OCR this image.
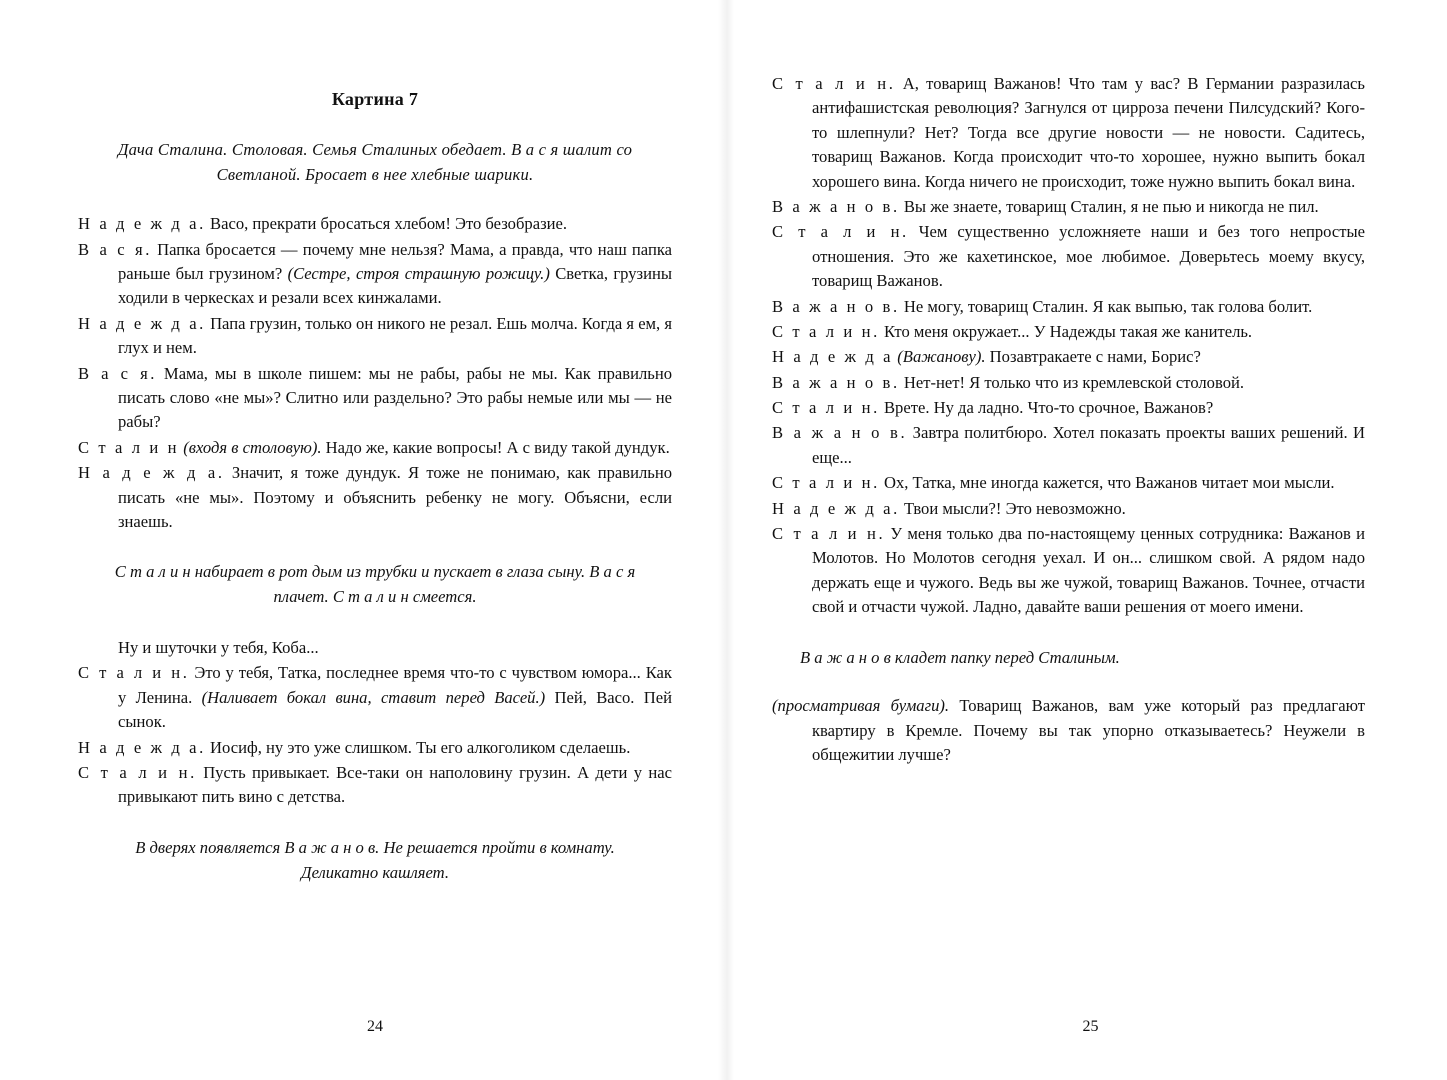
Картина 7
Дача Сталина. Столовая. Семья Сталиных обедает. В а с я шалит со Светланой. Бросает в нее хлебные шарики.

Н а д е ж д а. Васо, прекрати бросаться хлебом! Это безобразие.

В а с я. Папка бросается — почему мне нельзя? Мама, а правда, что наш папка раньше был грузином? (Сестре, строя страшную рожицу.) Светка, грузины ходили в черкесках и резали всех кинжалами.

Н а д е ж д а. Папа грузин, только он никого не резал. Ешь молча. Когда я ем, я глух и нем.

В а с я. Мама, мы в школе пишем: мы не рабы, рабы не мы. Как правильно писать слово «не мы»? Слитно или раздельно? Это рабы немые или мы — не рабы?

С т а л и н (входя в столовую). Надо же, какие вопросы! А с виду такой дундук.

Н а д е ж д а. Значит, я тоже дундук. Я тоже не понимаю, как правильно писать «не мы». Поэтому и объяснить ребенку не могу. Объясни, если знаешь.

С т а л и н набирает в рот дым из трубки и пускает в глаза сыну. В а с я плачет. С т а л и н смеется.

Ну и шуточки у тебя, Коба...

С т а л и н. Это у тебя, Татка, последнее время что-то с чувством юмора... Как у Ленина. (Наливает бокал вина, ставит перед Васей.) Пей, Васо. Пей сынок.

Н а д е ж д а. Иосиф, ну это уже слишком. Ты его алкоголиком сделаешь.

С т а л и н. Пусть привыкает. Все-таки он наполовину грузин. А дети у нас привыкают пить вино с детства.

В дверях появляется В а ж а н о в. Не решается пройти в комнату. Деликатно кашляет.

С т а л и н. А, товарищ Важанов! Что там у вас? В Германии разразилась антифашистская революция? Загнулся от цирроза печени Пилсудский? Кого-то шлепнули? Нет? Тогда все другие новости — не новости. Садитесь, товарищ Важанов. Когда происходит что-то хорошее, нужно выпить бокал хорошего вина. Когда ничего не происходит, тоже нужно выпить бокал вина.

В а ж а н о в. Вы же знаете, товарищ Сталин, я не пью и никогда не пил.

С т а л и н. Чем существенно усложняете наши и без того непростые отношения. Это же кахетинское, мое любимое. Доверьтесь моему вкусу, товарищ Важанов.

В а ж а н о в. Не могу, товарищ Сталин. Я как выпью, так голова болит.

С т а л и н. Кто меня окружает... У Надежды такая же канитель.

Н а д е ж д а (Важанову). Позавтракаете с нами, Борис?

В а ж а н о в. Нет-нет! Я только что из кремлевской столовой.

С т а л и н. Врете. Ну да ладно. Что-то срочное, Важанов?

В а ж а н о в. Завтра политбюро. Хотел показать проекты ваших решений. И еще...

С т а л и н. Ох, Татка, мне иногда кажется, что Важанов читает мои мысли.

Н а д е ж д а. Твои мысли?! Это невозможно.

С т а л и н. У меня только два по-настоящему ценных сотрудника: Важанов и Молотов. Но Молотов сегодня уехал. И он... слишком свой. А рядом надо держать еще и чужого. Ведь вы же чужой, товарищ Важанов. Точнее, отчасти свой и отчасти чужой. Ладно, давайте ваши решения от моего имени.

В а ж а н о в кладет папку перед Сталиным.

(просматривая бумаги). Товарищ Важанов, вам уже который раз предлагают квартиру в Кремле. Почему вы так упорно отказываетесь? Неужели в общежитии лучше?

24	25
